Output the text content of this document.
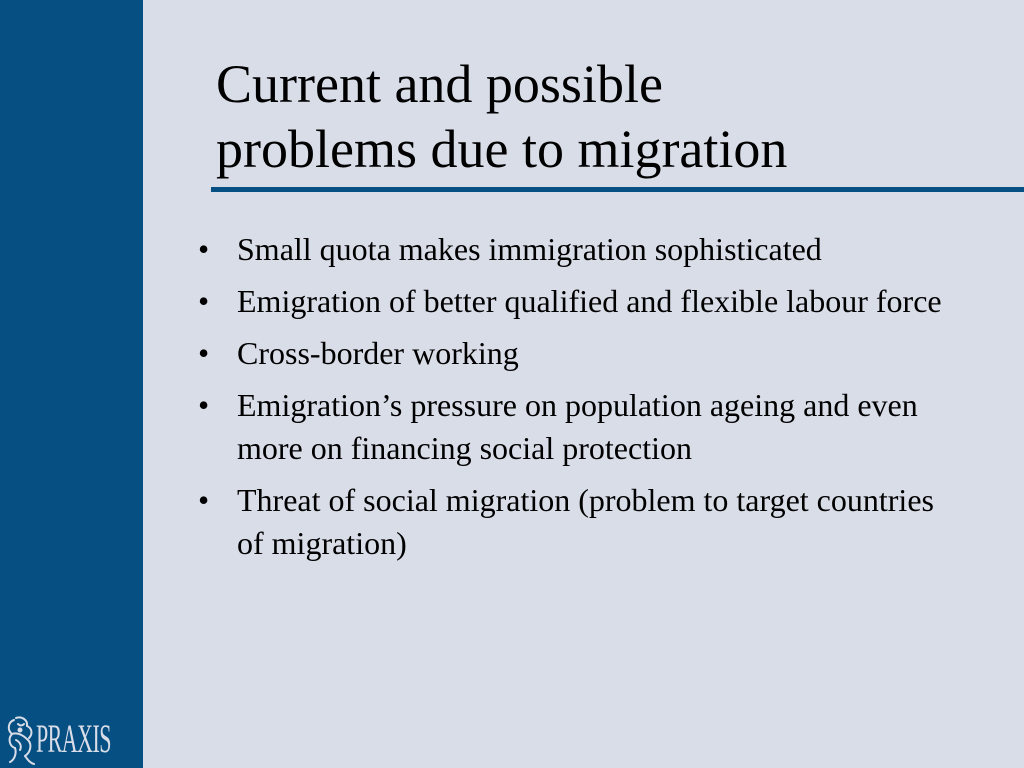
Current and possible
problems due to migration
• Small quota makes immigration sophisticated
• Emigration of better qualified and flexible labour force
• Cross-border working
• Emigration’s pressure on population ageing and even more on financing social protection
• Threat of social migration (problem to target countries of migration)
PRAXIS
